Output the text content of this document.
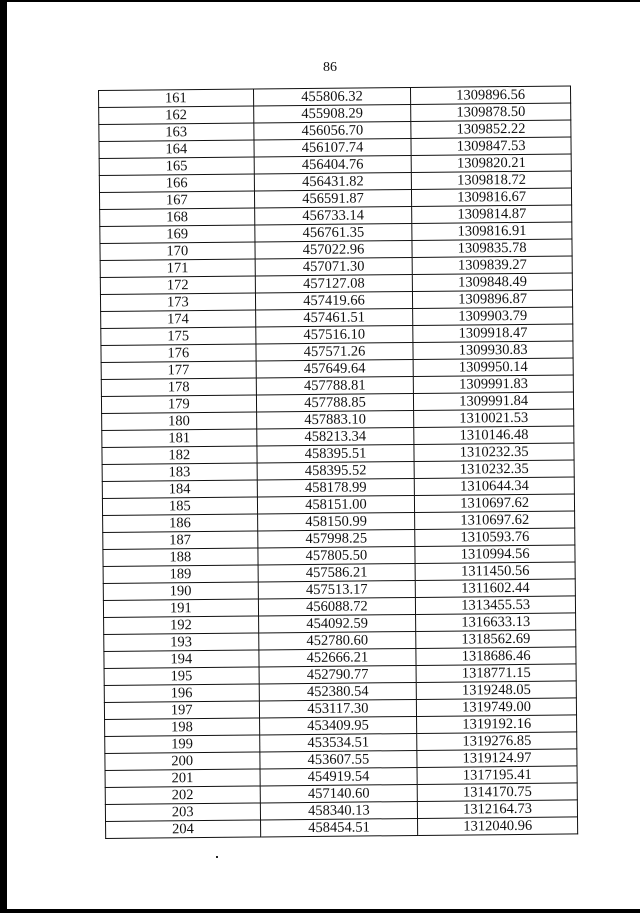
86
161	455806.32	1309896.56
162	455908.29	1309878.50
163	456056.70	1309852.22
164	456107.74	1309847.53
165	456404.76	1309820.21
166	456431.82	1309818.72
167	456591.87	1309816.67
168	456733.14	1309814.87
169	456761.35	1309816.91
170	457022.96	1309835.78
171	457071.30	1309839.27
172	457127.08	1309848.49
173	457419.66	1309896.87
174	457461.51	1309903.79
175	457516.10	1309918.47
176	457571.26	1309930.83
177	457649.64	1309950.14
178	457788.81	1309991.83
179	457788.85	1309991.84
180	457883.10	1310021.53
181	458213.34	1310146.48
182	458395.51	1310232.35
183	458395.52	1310232.35
184	458178.99	1310644.34
185	458151.00	1310697.62
186	458150.99	1310697.62
187	457998.25	1310593.76
188	457805.50	1310994.56
189	457586.21	1311450.56
190	457513.17	1311602.44
191	456088.72	1313455.53
192	454092.59	1316633.13
193	452780.60	1318562.69
194	452666.21	1318686.46
195	452790.77	1318771.15
196	452380.54	1319248.05
197	453117.30	1319749.00
198	453409.95	1319192.16
199	453534.51	1319276.85
200	453607.55	1319124.97
201	454919.54	1317195.41
202	457140.60	1314170.75
203	458340.13	1312164.73
204	458454.51	1312040.96
